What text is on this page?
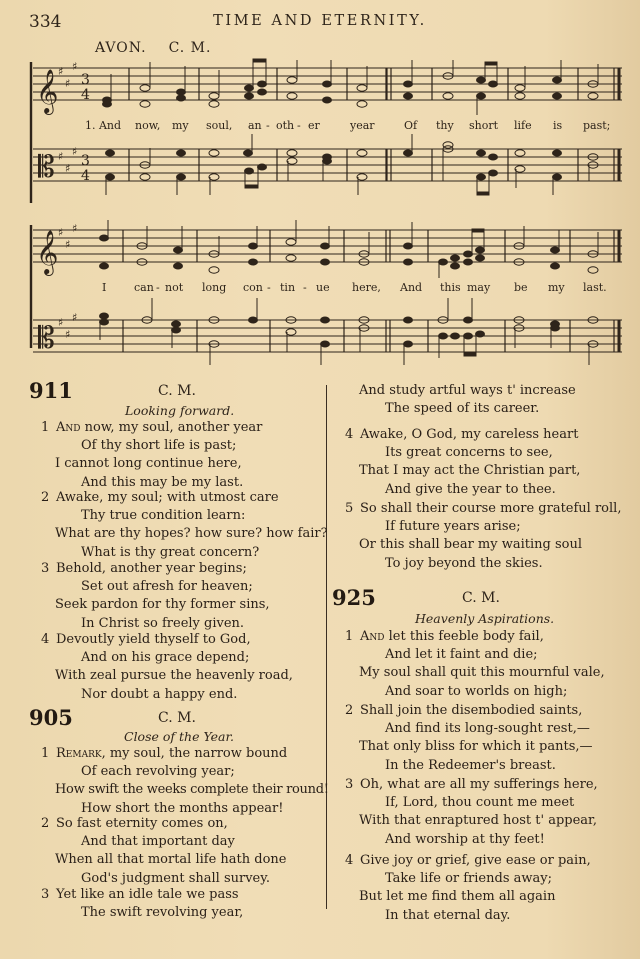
334	TIME AND ETERNITY.
AVON. C. M.
𝄞
𝄞
𝄡
𝄡
♯
♯
♯
♯
♯
♯
♯
♯
♯
♯
♯
♯
3
4
3
4
1. And now, my soul, an - oth - er	year	Of thy short life is past;
I	can - not long con - tin - ue here, And this may be my last.
911	C. M.
Looking forward.
1 And now, my soul, another year
Of thy short life is past;
I cannot long continue here,
And this may be my last.
2 Awake, my soul; with utmost care
Thy true condition learn:
What are thy hopes? how sure? how fair?
What is thy great concern?
3 Behold, another year begins;
Set out afresh for heaven;
Seek pardon for thy former sins,
In Christ so freely given.
4 Devoutly yield thyself to God,
And on his grace depend;
With zeal pursue the heavenly road,
Nor doubt a happy end.
905	C. M.
Close of the Year.
1 Remark, my soul, the narrow bound
Of each revolving year;
How swift the weeks complete their round!
How short the months appear!
2 So fast eternity comes on,
And that important day
When all that mortal life hath done
God's judgment shall survey.
3 Yet like an idle tale we pass
The swift revolving year,
And study artful ways t' increase
The speed of its career.
4 Awake, O God, my careless heart
Its great concerns to see,
That I may act the Christian part,
And give the year to thee.
5 So shall their course more grateful roll,
If future years arise;
Or this shall bear my waiting soul
To joy beyond the skies.
925	C. M.
Heavenly Aspirations.
1 And let this feeble body fail,
And let it faint and die;
My soul shall quit this mournful vale,
And soar to worlds on high;
2 Shall join the disembodied saints,
And find its long-sought rest,—
That only bliss for which it pants,—
In the Redeemer's breast.
3 Oh, what are all my sufferings here,
If, Lord, thou count me meet
With that enraptured host t' appear,
And worship at thy feet!
4 Give joy or grief, give ease or pain,
Take life or friends away;
But let me find them all again
In that eternal day.
